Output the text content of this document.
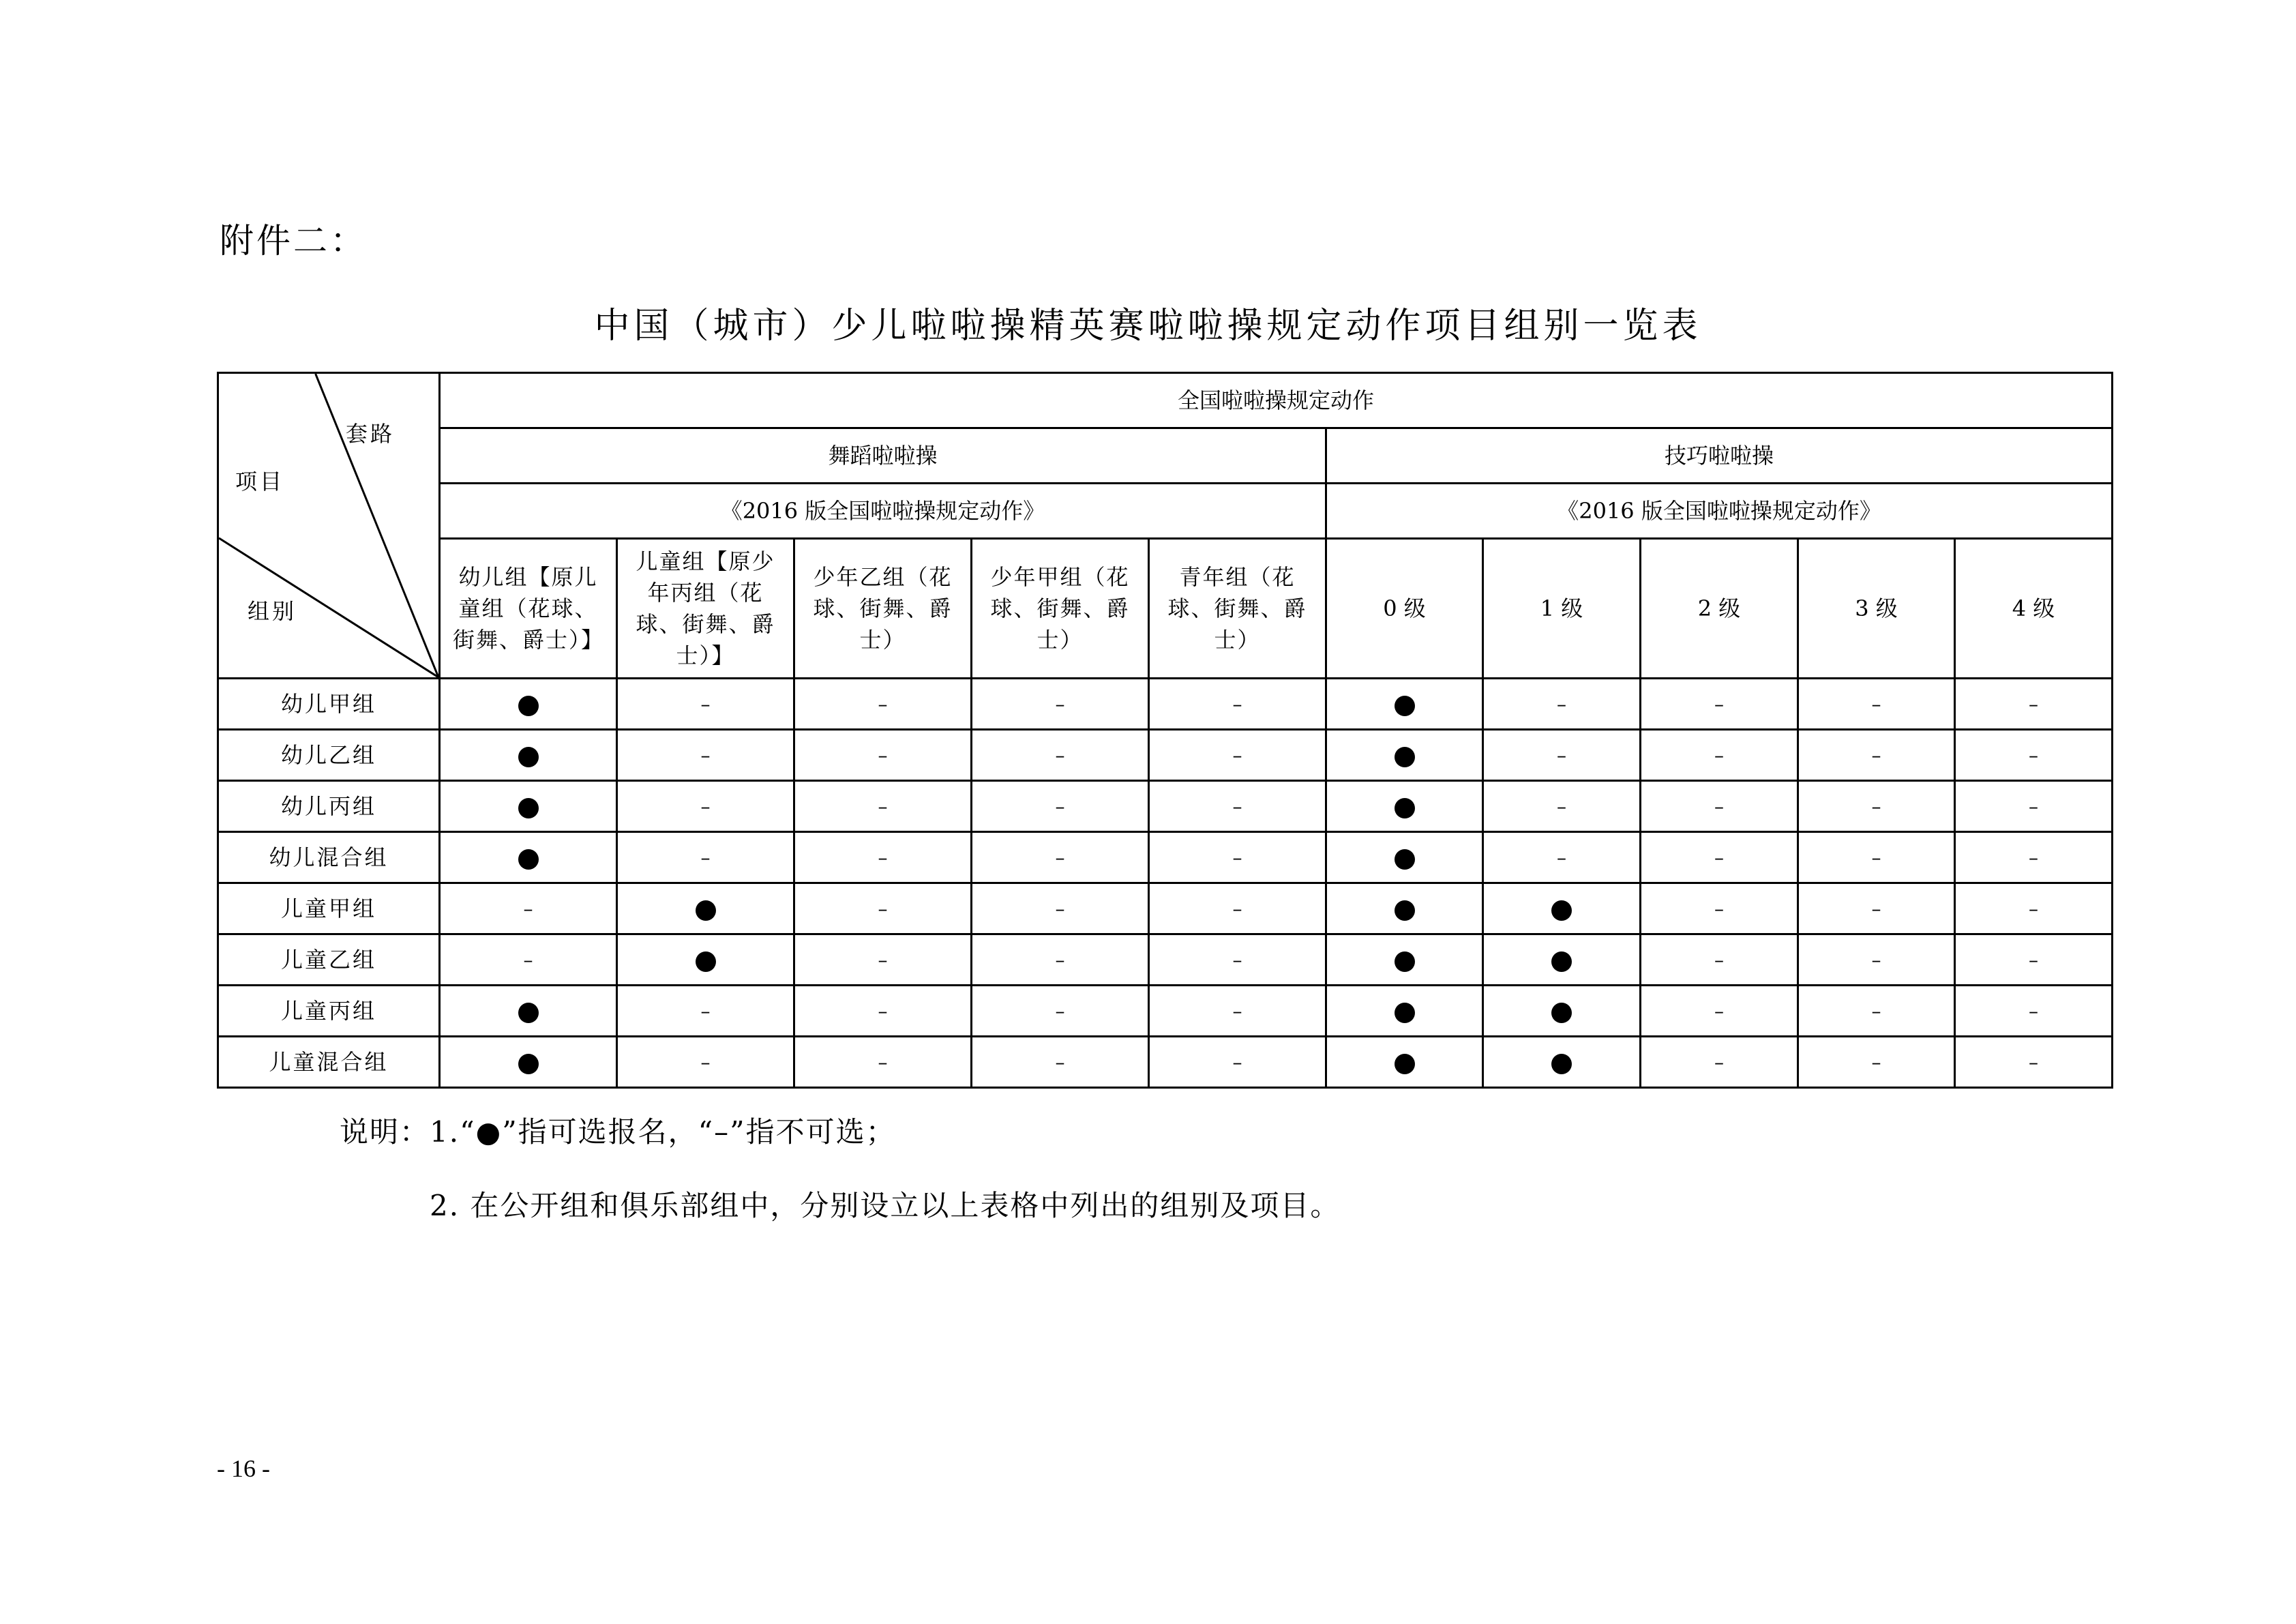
附件二：
中国（城市）少儿啦啦操精英赛啦啦操规定动作项目组别一览表
套路
项目
组别	全国啦啦操规定动作									
	舞蹈啦啦操					技巧啦啦操				
	《2016 版全国啦啦操规定动作》					《2016 版全国啦啦操规定动作》				

	幼儿组【原儿童组（花球、街舞、爵士）】	儿童组【原少年丙组（花球、街舞、爵士）】	少年乙组（花球、街舞、爵士）	少年甲组（花球、街舞、爵士）	青年组（花球、街舞、爵士）	0 级	1 级	2 级	3 级	4 级
幼儿甲组		–	–	–	–		–	–	–	–
幼儿乙组		–	–	–	–		–	–	–	–
幼儿丙组		–	–	–	–		–	–	–	–
幼儿混合组		–	–	–	–		–	–	–	–
儿童甲组	–		–	–	–			–	–	–
儿童乙组	–		–	–	–			–	–	–
儿童丙组		–	–	–	–			–	–	–
儿童混合组		–	–	–	–			–	–	–
说明：1.“●”指可选报名，“–”指不可选；
2. 在公开组和俱乐部组中，分别设立以上表格中列出的组别及项目。
- 16 -
